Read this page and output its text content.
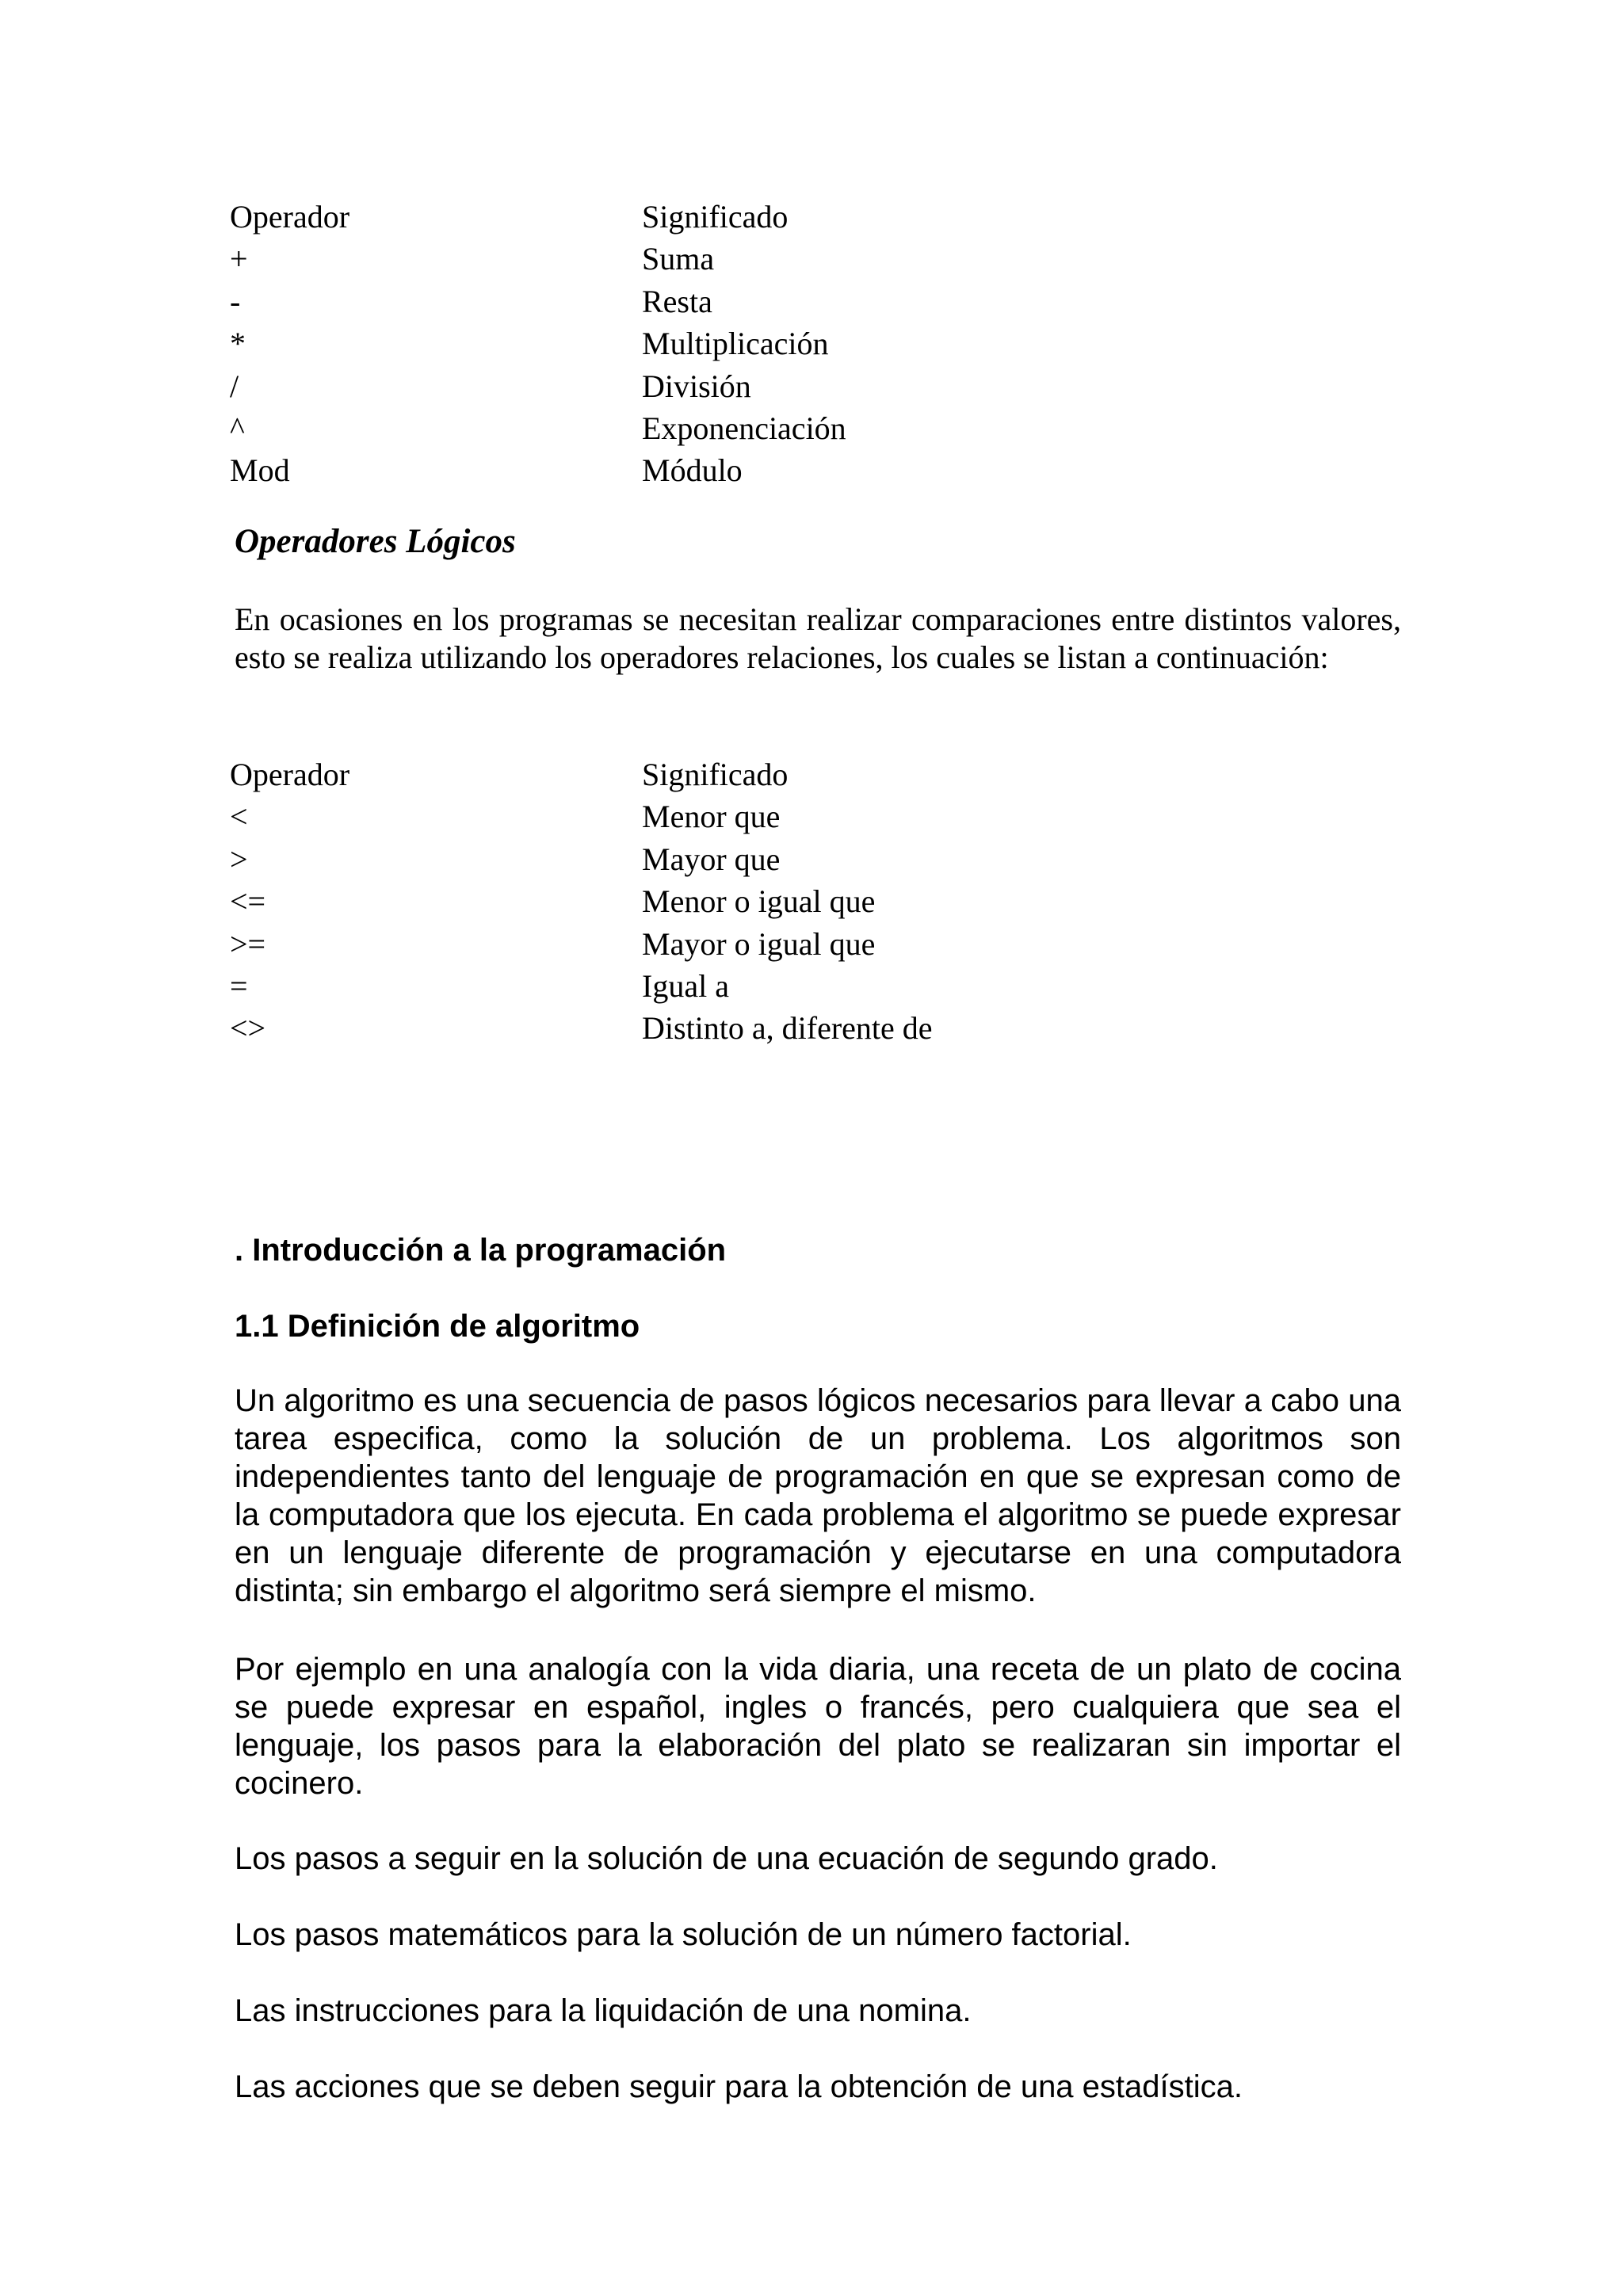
Operador	Significado
+	Suma
-	Resta
*	Multiplicación
/	División
^	Exponenciación
Mod	Módulo
Operadores Lógicos

En ocasiones en los programas se necesitan realizar comparaciones entre distintos valores, esto se realiza utilizando los operadores relaciones, los cuales se listan a continuación:

Operador	Significado
<	Menor que
>	Mayor que
<=	Menor o igual que
>=	Mayor o igual que
=	Igual a
<>	Distinto a, diferente de
. Introducción a la programación
1.1 Definición de algoritmo

Un algoritmo es una secuencia de pasos lógicos necesarios para llevar a cabo una tarea especifica, como la solución de un problema. Los algoritmos son independientes tanto del lenguaje de programación en que se expresan como de la computadora que los ejecuta. En cada problema el algoritmo se puede expresar en un lenguaje diferente de programación y ejecutarse en una computadora distinta; sin embargo el algoritmo será siempre el mismo.

Por ejemplo en una analogía con la vida diaria, una receta de un plato de cocina se puede expresar en español, ingles o francés, pero cualquiera que sea el lenguaje, los pasos para la elaboración del plato se realizaran sin importar el cocinero.

Los pasos a seguir en la solución de una ecuación de segundo grado.

Los pasos matemáticos para la solución de un número factorial.

Las instrucciones para la liquidación de una nomina.

Las acciones que se deben seguir para la obtención de una estadística.
